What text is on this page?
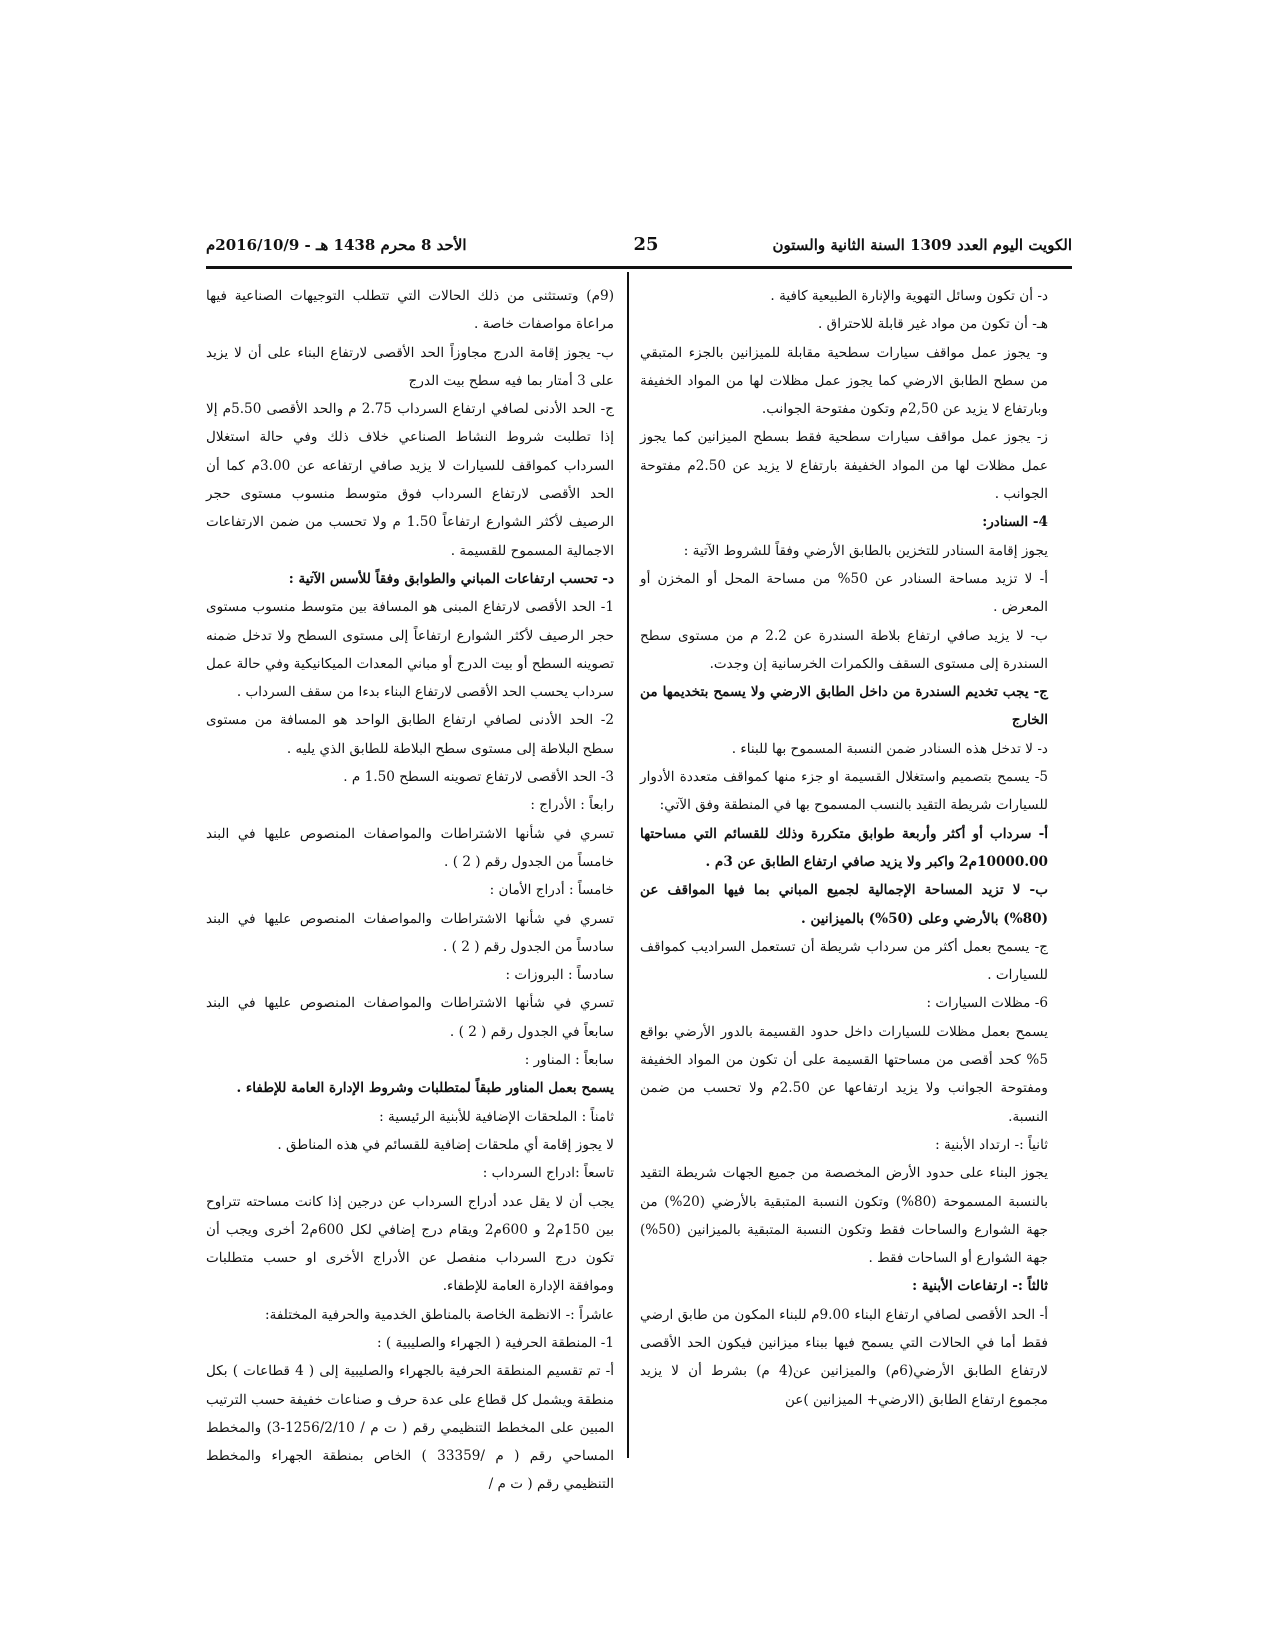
الكويت اليوم العدد 1309 السنة الثانية والستون
25
الأحد 8 محرم 1438 هـ - 2016/10/9م

د- أن تكون وسائل التهوية والإنارة الطبيعية كافية .

هـ- أن تكون من مواد غير قابلة للاحتراق .

و- يجوز عمل مواقف سيارات سطحية مقابلة للميزانين بالجزء المتبقي من سطح الطابق الارضي كما يجوز عمل مظلات لها من المواد الخفيفة وبارتفاع لا يزيد عن 2,50م وتكون مفتوحة الجوانب.

ز- يجوز عمل مواقف سيارات سطحية فقط بسطح الميزانين كما يجوز عمل مظلات لها من المواد الخفيفة بارتفاع لا يزيد عن 2.50م مفتوحة الجوانب .

4- السنادر:

يجوز إقامة السنادر للتخزين بالطابق الأرضي وفقاً للشروط الآتية :

أ- لا تزيد مساحة السنادر عن 50% من مساحة المحل أو المخزن أو المعرض .

ب- لا يزيد صافي ارتفاع بلاطة السندرة عن 2.2 م من مستوى سطح السندرة إلى مستوى السقف والكمرات الخرسانية إن وجدت.

ج- يجب تخديم السندرة من داخل الطابق الارضي ولا يسمح بتخديمها من الخارج

د- لا تدخل هذه السنادر ضمن النسبة المسموح بها للبناء .

5- يسمح بتصميم واستغلال القسيمة او جزء منها كمواقف متعددة الأدوار للسيارات شريطة التقيد بالنسب المسموح بها في المنطقة وفق الآتي:

أ- سرداب أو أكثر وأربعة طوابق متكررة وذلك للقسائم التي مساحتها 10000.00م2 واكبر ولا يزيد صافي ارتفاع الطابق عن 3م .

ب- لا تزيد المساحة الإجمالية لجميع المباني بما فيها المواقف عن (80%) بالأرضي وعلى (50%) بالميزانين .

ج- يسمح بعمل أكثر من سرداب شريطة أن تستعمل السراديب كمواقف للسيارات .

6- مظلات السيارات :

يسمح بعمل مظلات للسيارات داخل حدود القسيمة بالدور الأرضي بواقع 5% كحد أقصى من مساحتها القسيمة على أن تكون من المواد الخفيفة ومفتوحة الجوانب ولا يزيد ارتفاعها عن 2.50م ولا تحسب من ضمن النسبة.

ثانياً :- ارتداد الأبنية :

يجوز البناء على حدود الأرض المخصصة من جميع الجهات شريطة التقيد بالنسبة المسموحة (80%) وتكون النسبة المتبقية بالأرضي (20%) من جهة الشوارع والساحات فقط وتكون النسبة المتبقية بالميزانين (50%) جهة الشوارع أو الساحات فقط .

ثالثاً :- ارتفاعات الأبنية :

أ- الحد الأقصى لصافي ارتفاع البناء 9.00م للبناء المكون من طابق ارضي فقط أما في الحالات التي يسمح فيها ببناء ميزانين فيكون الحد الأقصى لارتفاع الطابق الأرضي(6م) والميزانين عن(4 م) بشرط أن لا يزيد مجموع ارتفاع الطابق (الارضي+ الميزانين )عن

(9م) وتستثنى من ذلك الحالات التي تتطلب التوجيهات الصناعية فيها مراعاة مواصفات خاصة .

ب- يجوز إقامة الدرج مجاوزاً الحد الأقصى لارتفاع البناء على أن لا يزيد على 3 أمتار بما فيه سطح بيت الدرج

ج- الحد الأدنى لصافي ارتفاع السرداب 2.75 م والحد الأقصى 5.50م إلا إذا تطلبت شروط النشاط الصناعي خلاف ذلك وفي حالة استغلال السرداب كمواقف للسيارات لا يزيد صافي ارتفاعه عن 3.00م كما أن الحد الأقصى لارتفاع السرداب فوق متوسط منسوب مستوى حجر الرصيف لأكثر الشوارع ارتفاعاً 1.50 م ولا تحسب من ضمن الارتفاعات الاجمالية المسموح للقسيمة .

د- تحسب ارتفاعات المباني والطوابق وفقاً للأسس الآتية :

1- الحد الأقصى لارتفاع المبنى هو المسافة بين متوسط منسوب مستوى حجر الرصيف لأكثر الشوارع ارتفاعاً إلى مستوى السطح ولا تدخل ضمنه تصوينه السطح أو بيت الدرج أو مباني المعدات الميكانيكية وفي حالة عمل سرداب يحسب الحد الأقصى لارتفاع البناء بدءا من سقف السرداب .

2- الحد الأدنى لصافي ارتفاع الطابق الواحد هو المسافة من مستوى سطح البلاطة إلى مستوى سطح البلاطة للطابق الذي يليه .

3- الحد الأقصى لارتفاع تصوينه السطح 1.50 م .

رابعاً : الأدراج :

تسري في شأنها الاشتراطات والمواصفات المنصوص عليها في البند خامساً من الجدول رقم ( 2 ) .

خامساً : أدراج الأمان :

تسري في شأنها الاشتراطات والمواصفات المنصوص عليها في البند سادساً من الجدول رقم ( 2 ) .

سادساً : البروزات :

تسري في شأنها الاشتراطات والمواصفات المنصوص عليها في البند سابعاً في الجدول رقم ( 2 ) .

سابعاً : المناور :

يسمح بعمل المناور طبقاً لمتطلبات وشروط الإدارة العامة للإطفاء .

ثامناً : الملحقات الإضافية للأبنية الرئيسية :

لا يجوز إقامة أي ملحقات إضافية للقسائم في هذه المناطق .

تاسعاً :ادراج السرداب :

يجب أن لا يقل عدد أدراج السرداب عن درجين إذا كانت مساحته تتراوح بين 150م2 و 600م2 ويقام درج إضافي لكل 600م2 أخرى ويجب أن تكون درج السرداب منفصل عن الأدراج الأخرى او حسب متطلبات وموافقة الإدارة العامة للإطفاء.

عاشراً :- الانظمة الخاصة بالمناطق الخدمية والحرفية المختلفة:

1- المنطقة الحرفية ( الجهراء والصليبية ) :

أ- تم تقسيم المنطقة الحرفية بالجهراء والصليبية إلى ( 4 قطاعات ) بكل منطقة ويشمل كل قطاع على عدة حرف و صناعات خفيفة حسب الترتيب المبين على المخطط التنظيمي رقم ( ت م / 1256/2/10-3) والمخطط المساحي رقم ( م /33359 ) الخاص بمنطقة الجهراء والمخطط التنظيمي رقم ( ت م /
